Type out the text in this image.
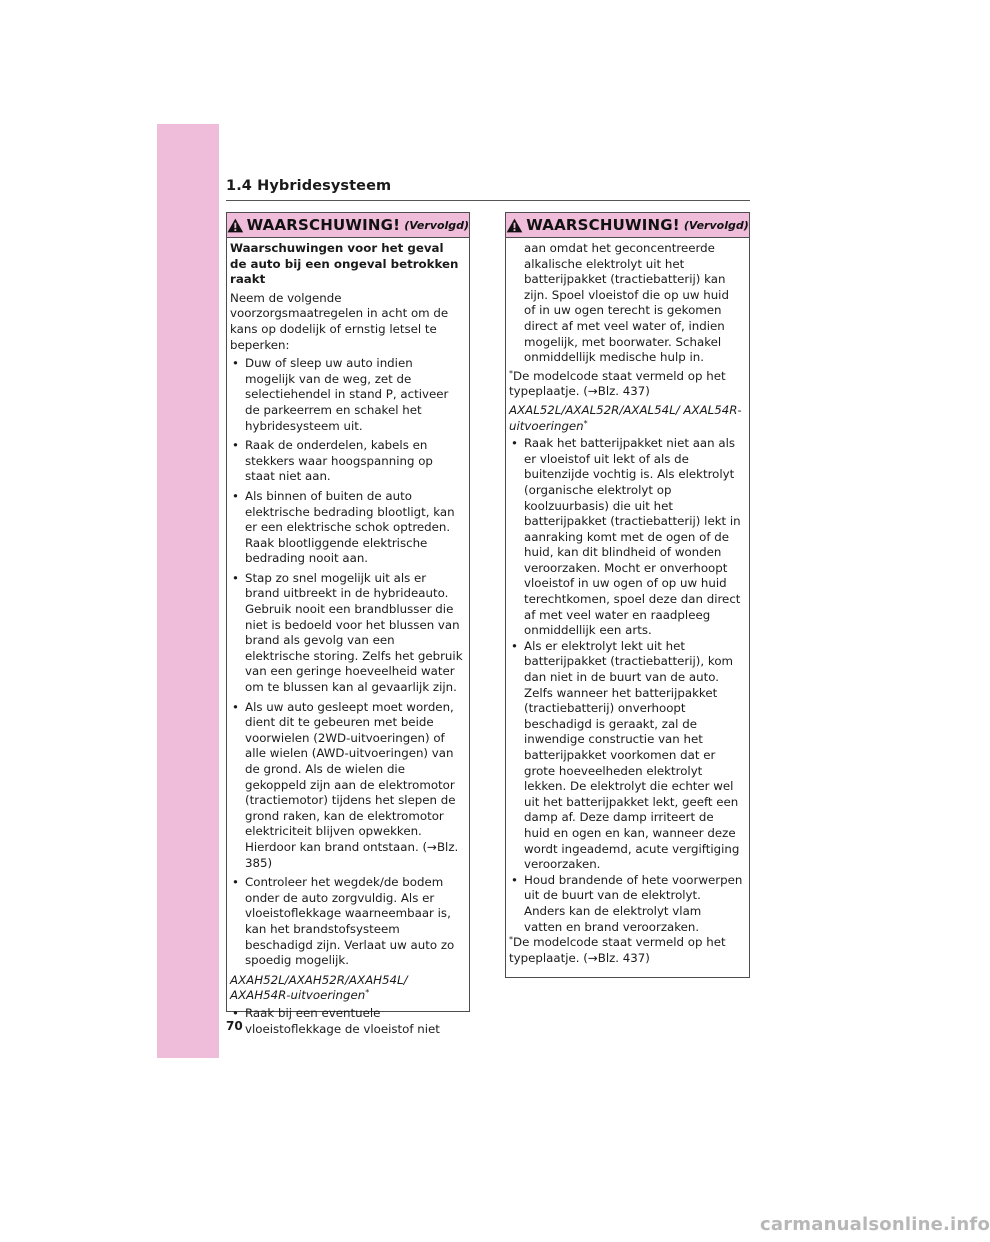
1.4 Hybridesysteem
WAARSCHUWING! (Vervolgd)

Waarschuwingen voor het geval de auto bij een ongeval betrokken raakt

Neem de volgende voorzorgsmaatregelen in acht om de kans op dodelijk of ernstig letsel te beperken:

• Duw of sleep uw auto indien mogelijk van de weg, zet de selectiehendel in stand P, activeer de parkeerrem en schakel het hybridesysteem uit.
• Raak de onderdelen, kabels en stekkers waar hoogspanning op staat niet aan.
• Als binnen of buiten de auto elektrische bedrading blootligt, kan er een elektrische schok optreden. Raak blootliggende elektrische bedrading nooit aan.
• Stap zo snel mogelijk uit als er brand uitbreekt in de hybrideauto. Gebruik nooit een brandblusser die niet is bedoeld voor het blussen van brand als gevolg van een elektrische storing. Zelfs het gebruik van een geringe hoeveelheid water om te blussen kan al gevaarlijk zijn.
• Als uw auto gesleept moet worden, dient dit te gebeuren met beide voorwielen (2WD-uitvoeringen) of alle wielen (AWD-uitvoeringen) van de grond. Als de wielen die gekoppeld zijn aan de elektromotor (tractiemotor) tijdens het slepen de grond raken, kan de elektromotor elektriciteit blijven opwekken. Hierdoor kan brand ontstaan. (→Blz. 385)
• Controleer het wegdek/de bodem onder de auto zorgvuldig. Als er vloeistoflekkage waarneembaar is, kan het brandstofsysteem beschadigd zijn. Verlaat uw auto zo spoedig mogelijk.
AXAH52L/AXAH52R/AXAH54L/ AXAH54R-uitvoeringen*
• Raak bij een eventuele vloeistoflekkage de vloeistof niet
WAARSCHUWING! (Vervolgd)
aan omdat het geconcentreerde alkalische elektrolyt uit het batterijpakket (tractiebatterij) kan zijn. Spoel vloeistof die op uw huid of in uw ogen terecht is gekomen direct af met veel water of, indien mogelijk, met boorwater. Schakel onmiddellijk medische hulp in.

*De modelcode staat vermeld op het typeplaatje. (→Blz. 437)

AXAL52L/AXAL52R/AXAL54L/ AXAL54R-uitvoeringen*
• Raak het batterijpakket niet aan als er vloeistof uit lekt of als de buitenzijde vochtig is. Als elektrolyt (organische elektrolyt op koolzuurbasis) die uit het batterijpakket (tractiebatterij) lekt in aanraking komt met de ogen of de huid, kan dit blindheid of wonden veroorzaken. Mocht er onverhoopt vloeistof in uw ogen of op uw huid terechtkomen, spoel deze dan direct af met veel water en raadpleeg onmiddellijk een arts.
• Als er elektrolyt lekt uit het batterijpakket (tractiebatterij), kom dan niet in de buurt van de auto. Zelfs wanneer het batterijpakket (tractiebatterij) onverhoopt beschadigd is geraakt, zal de inwendige constructie van het batterijpakket voorkomen dat er grote hoeveelheden elektrolyt lekken. De elektrolyt die echter wel uit het batterijpakket lekt, geeft een damp af. Deze damp irriteert de huid en ogen en kan, wanneer deze wordt ingeademd, acute vergiftiging veroorzaken.
• Houd brandende of hete voorwerpen uit de buurt van de elektrolyt. Anders kan de elektrolyt vlam vatten en brand veroorzaken.

*De modelcode staat vermeld op het typeplaatje. (→Blz. 437)

70
carmanualsonline.info
